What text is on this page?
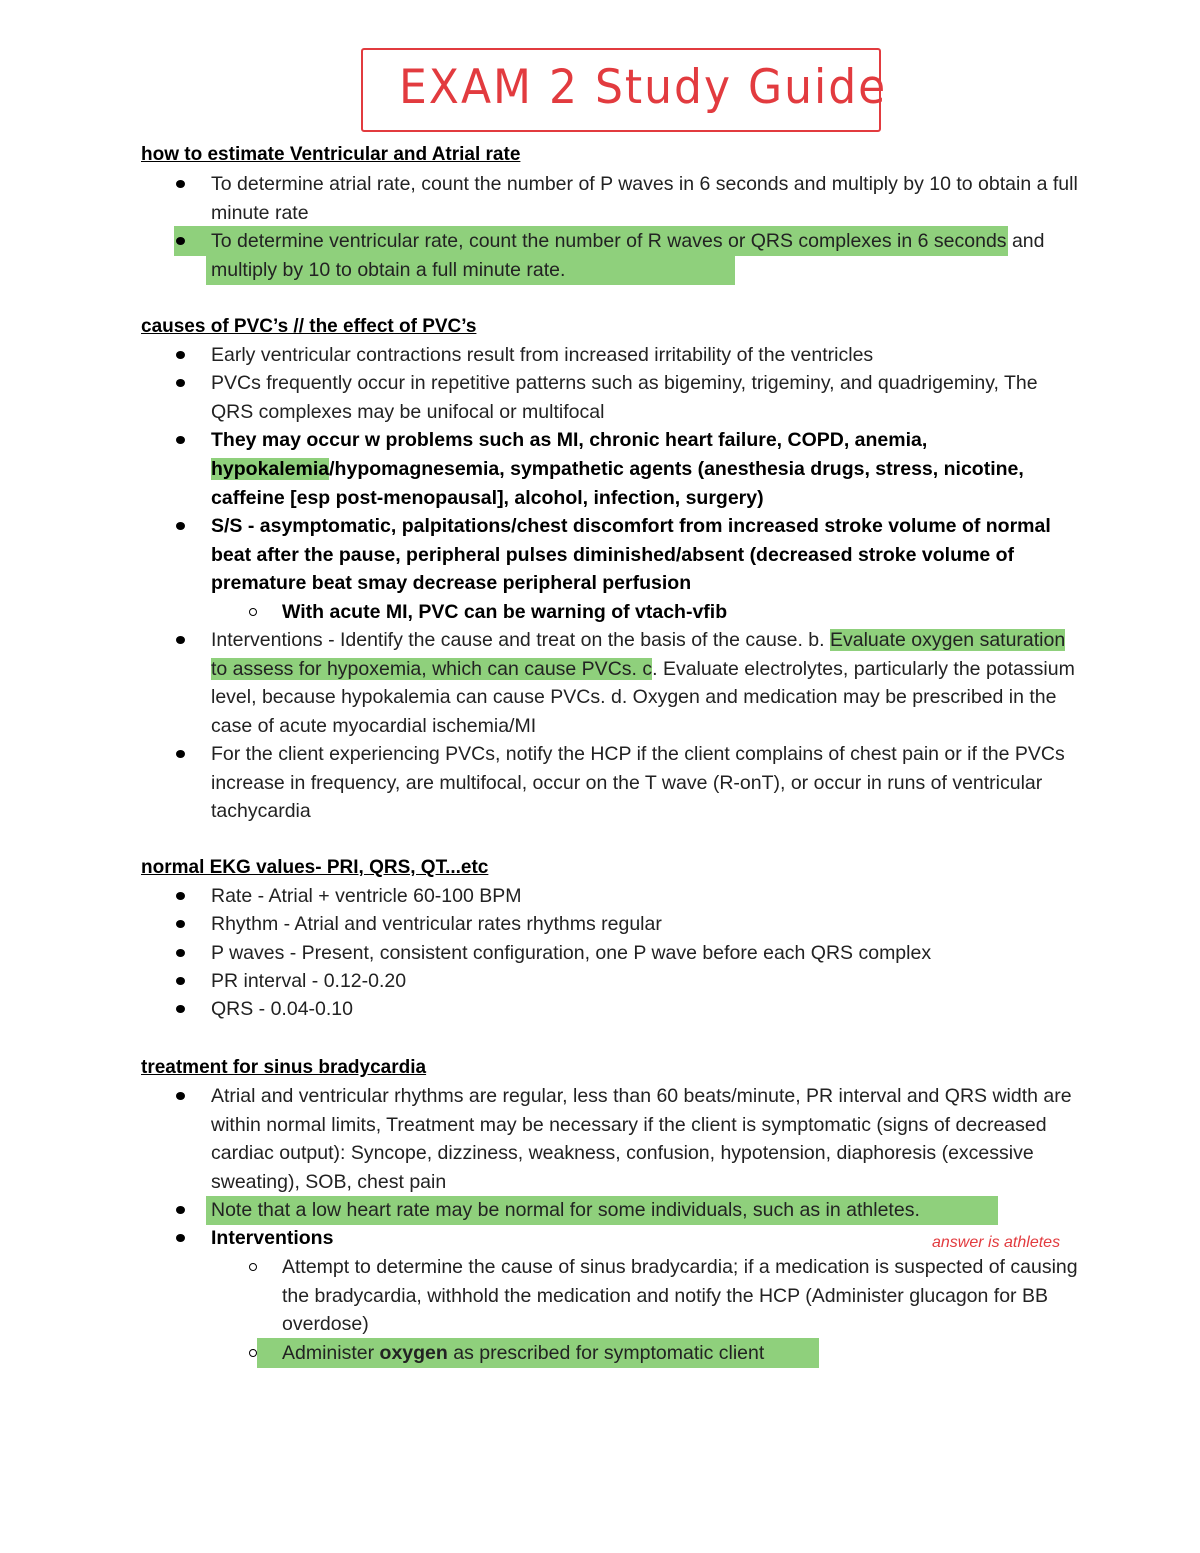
EXAM 2 Study Guide
how to estimate Ventricular and Atrial rate
To determine atrial rate, count the number of P waves in 6 seconds and multiply by 10 to obtain a full minute rate
To determine ventricular rate, count the number of R waves or QRS complexes in 6 seconds and multiply by 10 to obtain a full minute rate.
causes of PVC’s // the effect of PVC’s
Early ventricular contractions result from increased irritability of the ventricles
PVCs frequently occur in repetitive patterns such as bigeminy, trigeminy, and quadrigeminy, The QRS complexes may be unifocal or multifocal
They may occur w problems such as MI, chronic heart failure, COPD, anemia, hypokalemia/hypomagnesemia, sympathetic agents (anesthesia drugs, stress, nicotine, caffeine [esp post-menopausal], alcohol, infection, surgery)
S/S - asymptomatic, palpitations/chest discomfort from increased stroke volume of normal beat after the pause, peripheral pulses diminished/absent (decreased stroke volume of premature beat smay decrease peripheral perfusion
With acute MI, PVC can be warning of vtach-vfib
Interventions - Identify the cause and treat on the basis of the cause. b. Evaluate oxygen saturation to assess for hypoxemia, which can cause PVCs. c. Evaluate electrolytes, particularly the potassium level, because hypokalemia can cause PVCs. d. Oxygen and medication may be prescribed in the case of acute myocardial ischemia/MI
For the client experiencing PVCs, notify the HCP if the client complains of chest pain or if the PVCs increase in frequency, are multifocal, occur on the T wave (R-onT), or occur in runs of ventricular tachycardia
normal EKG values- PRI, QRS, QT...etc
Rate - Atrial + ventricle 60-100 BPM
Rhythm - Atrial and ventricular rates rhythms regular
P waves - Present, consistent configuration, one P wave before each QRS complex
PR interval - 0.12-0.20
QRS - 0.04-0.10
treatment for sinus bradycardia
Atrial and ventricular rhythms are regular, less than 60 beats/minute, PR interval and QRS width are within normal limits, Treatment may be necessary if the client is symptomatic (signs of decreased cardiac output): Syncope, dizziness, weakness, confusion, hypotension, diaphoresis (excessive sweating), SOB, chest pain
Note that a low heart rate may be normal for some individuals, such as in athletes.
Interventions
Attempt to determine the cause of sinus bradycardia; if a medication is suspected of causing the bradycardia, withhold the medication and notify the HCP (Administer glucagon for BB overdose)
Administer oxygen as prescribed for symptomatic client
answer is athletes
